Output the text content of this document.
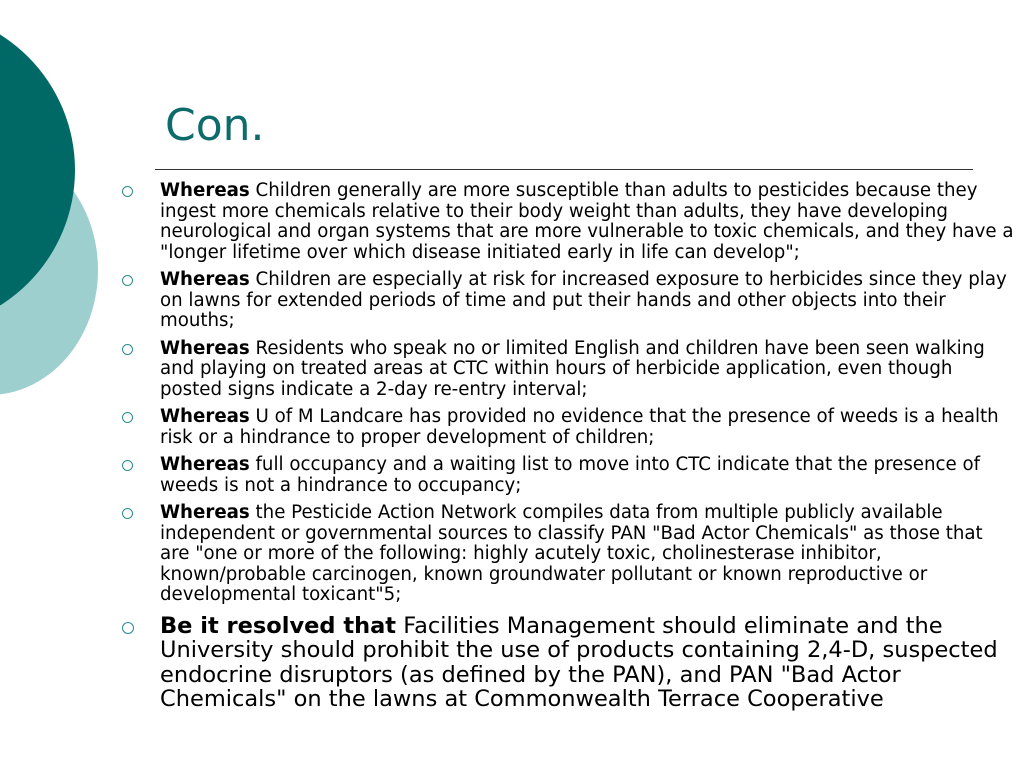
Con.
Whereas Children generally are more susceptible than adults to pesticides because they ingest more chemicals relative to their body weight than adults, they have developing neurological and organ systems that are more vulnerable to toxic chemicals, and they have a "longer lifetime over which disease initiated early in life can develop";
Whereas Children are especially at risk for increased exposure to herbicides since they play on lawns for extended periods of time and put their hands and other objects into their mouths;
Whereas Residents who speak no or limited English and children have been seen walking and playing on treated areas at CTC within hours of herbicide application, even though posted signs indicate a 2-day re-entry interval;
Whereas U of M Landcare has provided no evidence that the presence of weeds is a health risk or a hindrance to proper development of children;
Whereas full occupancy and a waiting list to move into CTC indicate that the presence of weeds is not a hindrance to occupancy;
Whereas the Pesticide Action Network compiles data from multiple publicly available independent or governmental sources to classify PAN "Bad Actor Chemicals" as those that are "one or more of the following: highly acutely toxic, cholinesterase inhibitor, known/probable carcinogen, known groundwater pollutant or known reproductive or developmental toxicant"5;
Be it resolved that Facilities Management should eliminate and the University should prohibit the use of products containing 2,4-D, suspected endocrine disruptors (as defined by the PAN), and PAN "Bad Actor Chemicals" on the lawns at Commonwealth Terrace Cooperative
